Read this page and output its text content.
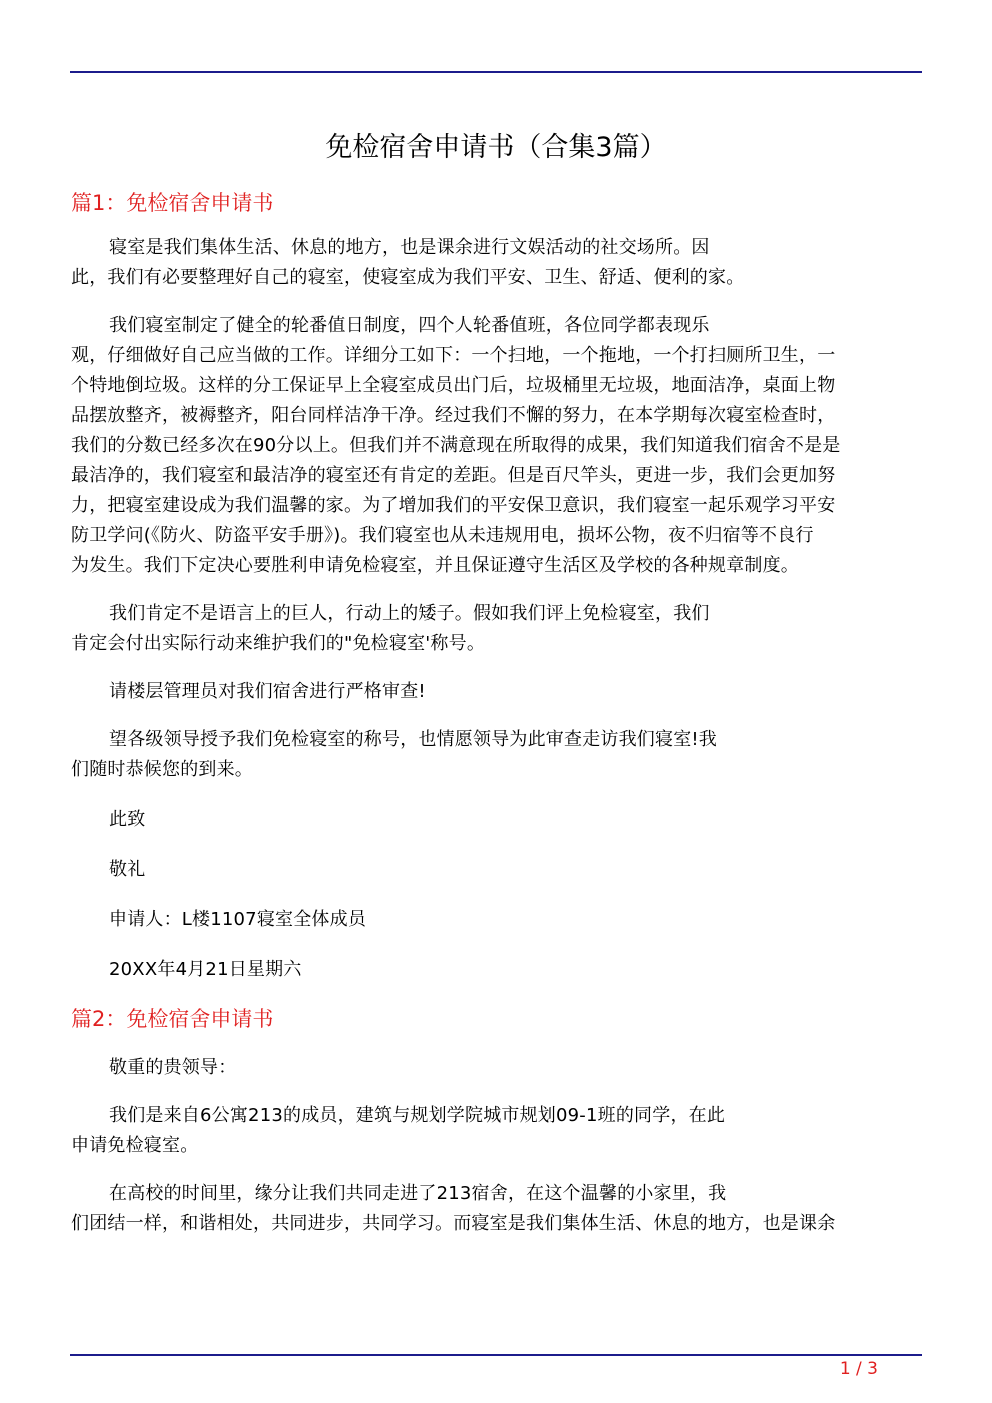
免检宿舍申请书（合集3篇）
篇1：免检宿舍申请书

寝室是我们集体生活、休息的地方，也是课余进行文娱活动的社交场所。因
此，我们有必要整理好自己的寝室，使寝室成为我们平安、卫生、舒适、便利的家。

我们寝室制定了健全的轮番值日制度，四个人轮番值班，各位同学都表现乐
观，仔细做好自己应当做的工作。详细分工如下：一个扫地，一个拖地，一个打扫厕所卫生，一
个特地倒垃圾。这样的分工保证早上全寝室成员出门后，垃圾桶里无垃圾，地面洁净，桌面上物
品摆放整齐，被褥整齐，阳台同样洁净干净。经过我们不懈的努力，在本学期每次寝室检查时，
我们的分数已经多次在90分以上。但我们并不满意现在所取得的成果，我们知道我们宿舍不是是
最洁净的，我们寝室和最洁净的寝室还有肯定的差距。但是百尺竿头，更进一步，我们会更加努
力，把寝室建设成为我们温馨的家。为了增加我们的平安保卫意识，我们寝室一起乐观学习平安
防卫学问(《防火、防盗平安手册》)。我们寝室也从未违规用电，损坏公物，夜不归宿等不良行
为发生。我们下定决心要胜利申请免检寝室，并且保证遵守生活区及学校的各种规章制度。

我们肯定不是语言上的巨人，行动上的矮子。假如我们评上免检寝室，我们
肯定会付出实际行动来维护我们的"免检寝室'称号。

请楼层管理员对我们宿舍进行严格审查!

望各级领导授予我们免检寝室的称号，也情愿领导为此审查走访我们寝室!我
们随时恭候您的到来。

此致

敬礼

申请人：L楼1107寝室全体成员

20XX年4月21日星期六

篇2：免检宿舍申请书

敬重的贵领导：

我们是来自6公寓213的成员，建筑与规划学院城市规划09-1班的同学，在此
申请免检寝室。

在高校的时间里，缘分让我们共同走进了213宿舍，在这个温馨的小家里，我
们团结一样，和谐相处，共同进步，共同学习。而寝室是我们集体生活、休息的地方，也是课余

1 / 3
